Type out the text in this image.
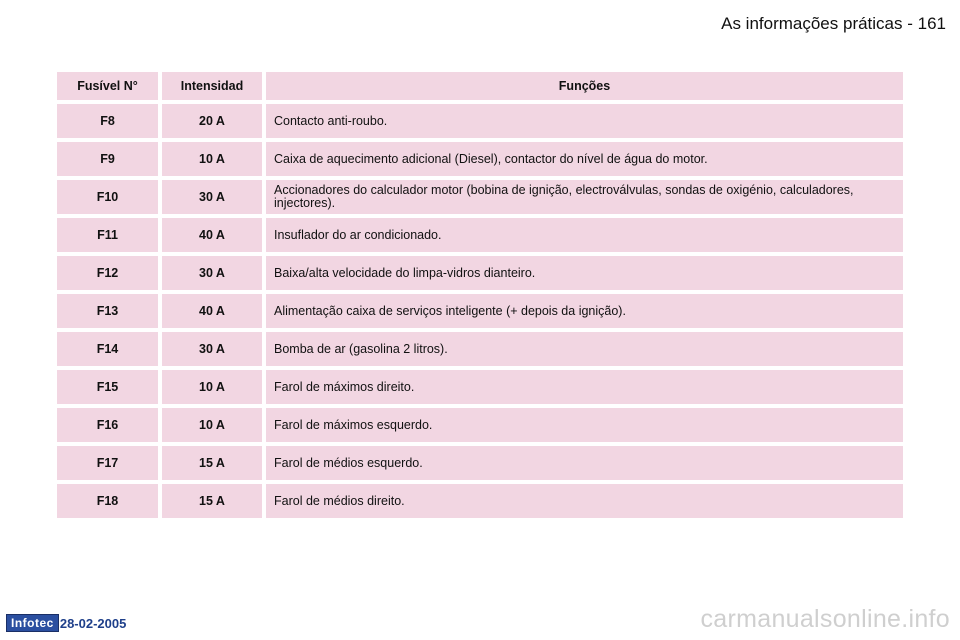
As informações práticas - 161
Fusível N°	Intensidad	Funções
F8	20 A	Contacto anti-roubo.
F9	10 A	Caixa de aquecimento adicional (Diesel), contactor do nível de água do motor.
F10	30 A	Accionadores do calculador motor (bobina de ignição, electroválvulas, sondas de oxigénio, calculadores, injectores).
F11	40 A	Insuflador do ar condicionado.
F12	30 A	Baixa/alta velocidade do limpa-vidros dianteiro.
F13	40 A	Alimentação caixa de serviços inteligente (+ depois da ignição).
F14	30 A	Bomba de ar (gasolina 2 litros).
F15	10 A	Farol de máximos direito.
F16	10 A	Farol de máximos esquerdo.
F17	15 A	Farol de médios esquerdo.
F18	15 A	Farol de médios direito.
Infotec 28-02-2005	carmanualsonline.info
